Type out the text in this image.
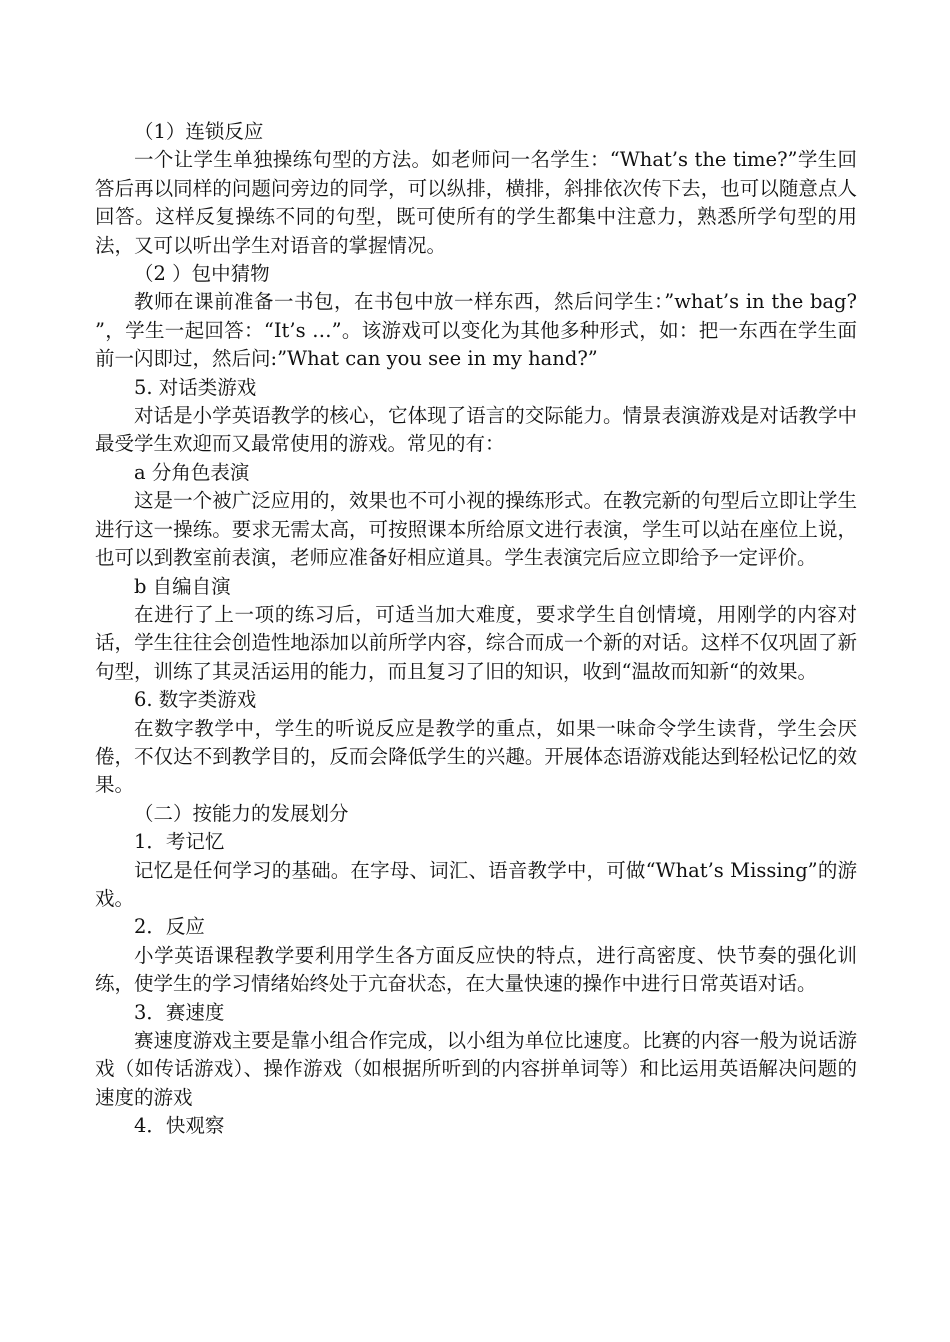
（1）连锁反应

一个让学生单独操练句型的方法。如老师问一名学生：“What’s the time?”学生回答后再以同样的问题问旁边的同学，可以纵排，横排，斜排依次传下去，也可以随意点人回答。这样反复操练不同的句型，既可使所有的学生都集中注意力，熟悉所学句型的用法，又可以听出学生对语音的掌握情况。

（2 ）包中猜物

教师在课前准备一书包，在书包中放一样东西，然后问学生：”what’s in the bag? ”，学生一起回答：“It’s …”。该游戏可以变化为其他多种形式，如：把一东西在学生面前一闪即过，然后问:”What can you see in my hand?”

5. 对话类游戏

对话是小学英语教学的核心，它体现了语言的交际能力。情景表演游戏是对话教学中最受学生欢迎而又最常使用的游戏。常见的有：

a 分角色表演

这是一个被广泛应用的，效果也不可小视的操练形式。在教完新的句型后立即让学生进行这一操练。要求无需太高，可按照课本所给原文进行表演，学生可以站在座位上说，也可以到教室前表演，老师应准备好相应道具。学生表演完后应立即给予一定评价。

b 自编自演

在进行了上一项的练习后，可适当加大难度，要求学生自创情境，用刚学的内容对话，学生往往会创造性地添加以前所学内容，综合而成一个新的对话。这样不仅巩固了新句型，训练了其灵活运用的能力，而且复习了旧的知识，收到“温故而知新“的效果。

6. 数字类游戏

在数字教学中，学生的听说反应是教学的重点，如果一味命令学生读背，学生会厌倦，不仅达不到教学目的，反而会降低学生的兴趣。开展体态语游戏能达到轻松记忆的效果。

（二）按能力的发展划分

1．考记忆

记忆是任何学习的基础。在字母、词汇、语音教学中，可做“What’s Missing”的游戏。

2．反应

小学英语课程教学要利用学生各方面反应快的特点，进行高密度、快节奏的强化训练，使学生的学习情绪始终处于亢奋状态，在大量快速的操作中进行日常英语对话。

3．赛速度

赛速度游戏主要是靠小组合作完成，以小组为单位比速度。比赛的内容一般为说话游戏（如传话游戏）、操作游戏（如根据所听到的内容拼单词等）和比运用英语解决问题的速度的游戏

4．快观察
